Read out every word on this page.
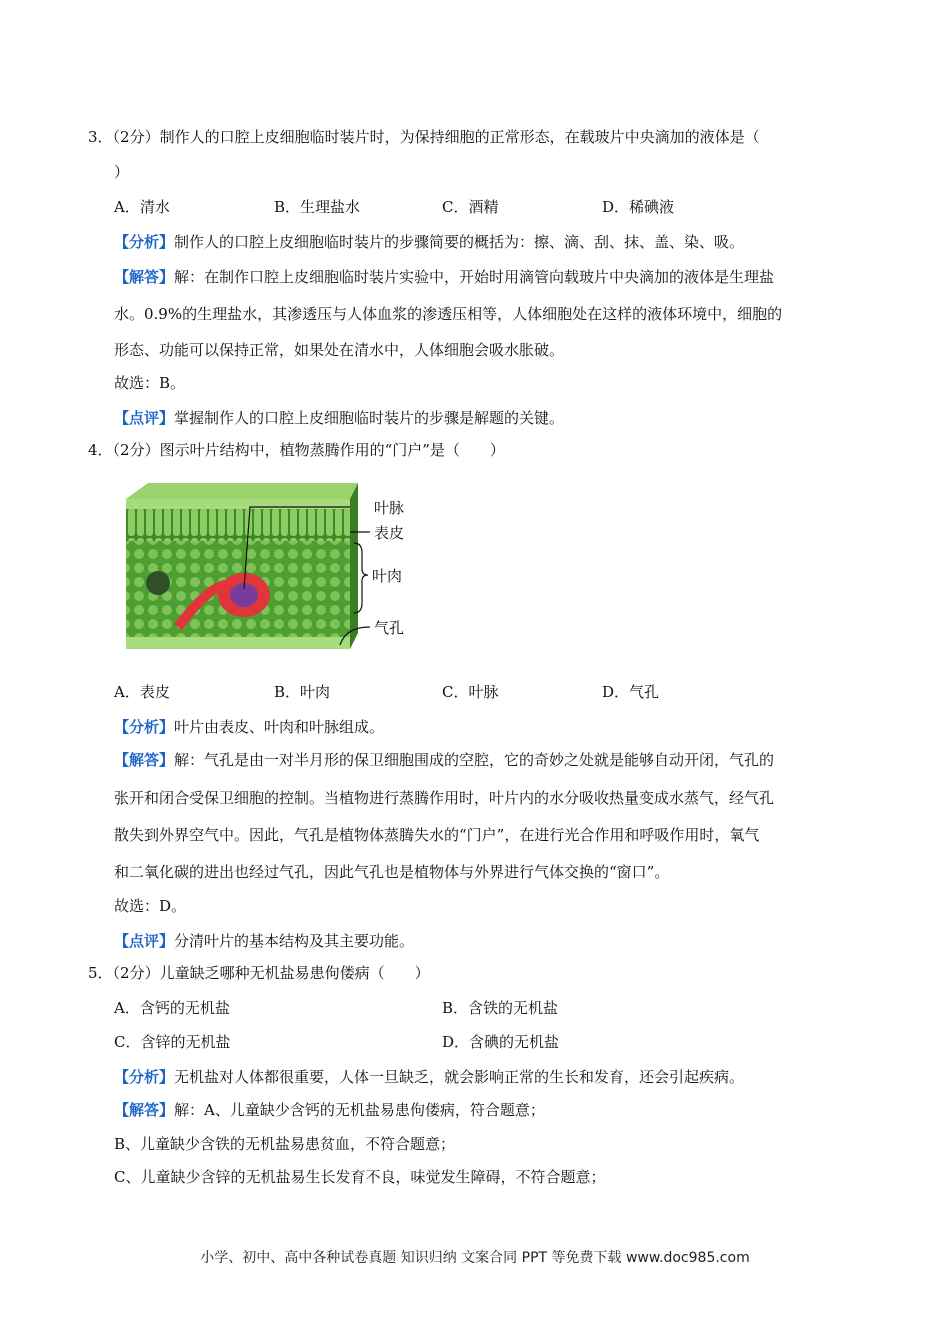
3．（2分）制作人的口腔上皮细胞临时装片时，为保持细胞的正常形态，在载玻片中央滴加的液体是（
）
A．清水	B．生理盐水	C．酒精	D．稀碘液
【分析】制作人的口腔上皮细胞临时装片的步骤简要的概括为：擦、滴、刮、抹、盖、染、吸。
【解答】解：在制作口腔上皮细胞临时装片实验中，开始时用滴管向载玻片中央滴加的液体是生理盐
水。0.9%的生理盐水，其渗透压与人体血浆的渗透压相等，人体细胞处在这样的液体环境中，细胞的
形态、功能可以保持正常，如果处在清水中，人体细胞会吸水胀破。
故选：B。
【点评】掌握制作人的口腔上皮细胞临时装片的步骤是解题的关键。
4．（2分）图示叶片结构中，植物蒸腾作用的“门户”是（　　）
叶脉
表皮
叶肉
气孔
A．表皮	B．叶肉	C．叶脉	D．气孔
【分析】叶片由表皮、叶肉和叶脉组成。
【解答】解：气孔是由一对半月形的保卫细胞围成的空腔，它的奇妙之处就是能够自动开闭，气孔的
张开和闭合受保卫细胞的控制。当植物进行蒸腾作用时，叶片内的水分吸收热量变成水蒸气，经气孔
散失到外界空气中。因此，气孔是植物体蒸腾失水的“门户”，在进行光合作用和呼吸作用时，氧气
和二氧化碳的进出也经过气孔，因此气孔也是植物体与外界进行气体交换的“窗口”。
故选：D。
【点评】分清叶片的基本结构及其主要功能。
5．（2分）儿童缺乏哪种无机盐易患佝偻病（　　）
A．含钙的无机盐	B．含铁的无机盐
C．含锌的无机盐	D．含碘的无机盐
【分析】无机盐对人体都很重要，人体一旦缺乏，就会影响正常的生长和发育，还会引起疾病。
【解答】解：A、儿童缺少含钙的无机盐易患佝偻病，符合题意；
B、儿童缺少含铁的无机盐易患贫血，不符合题意；
C、儿童缺少含锌的无机盐易生长发育不良，味觉发生障碍，不符合题意；
小学、初中、高中各种试卷真题 知识归纳 文案合同 PPT 等免费下载 www.doc985.com
